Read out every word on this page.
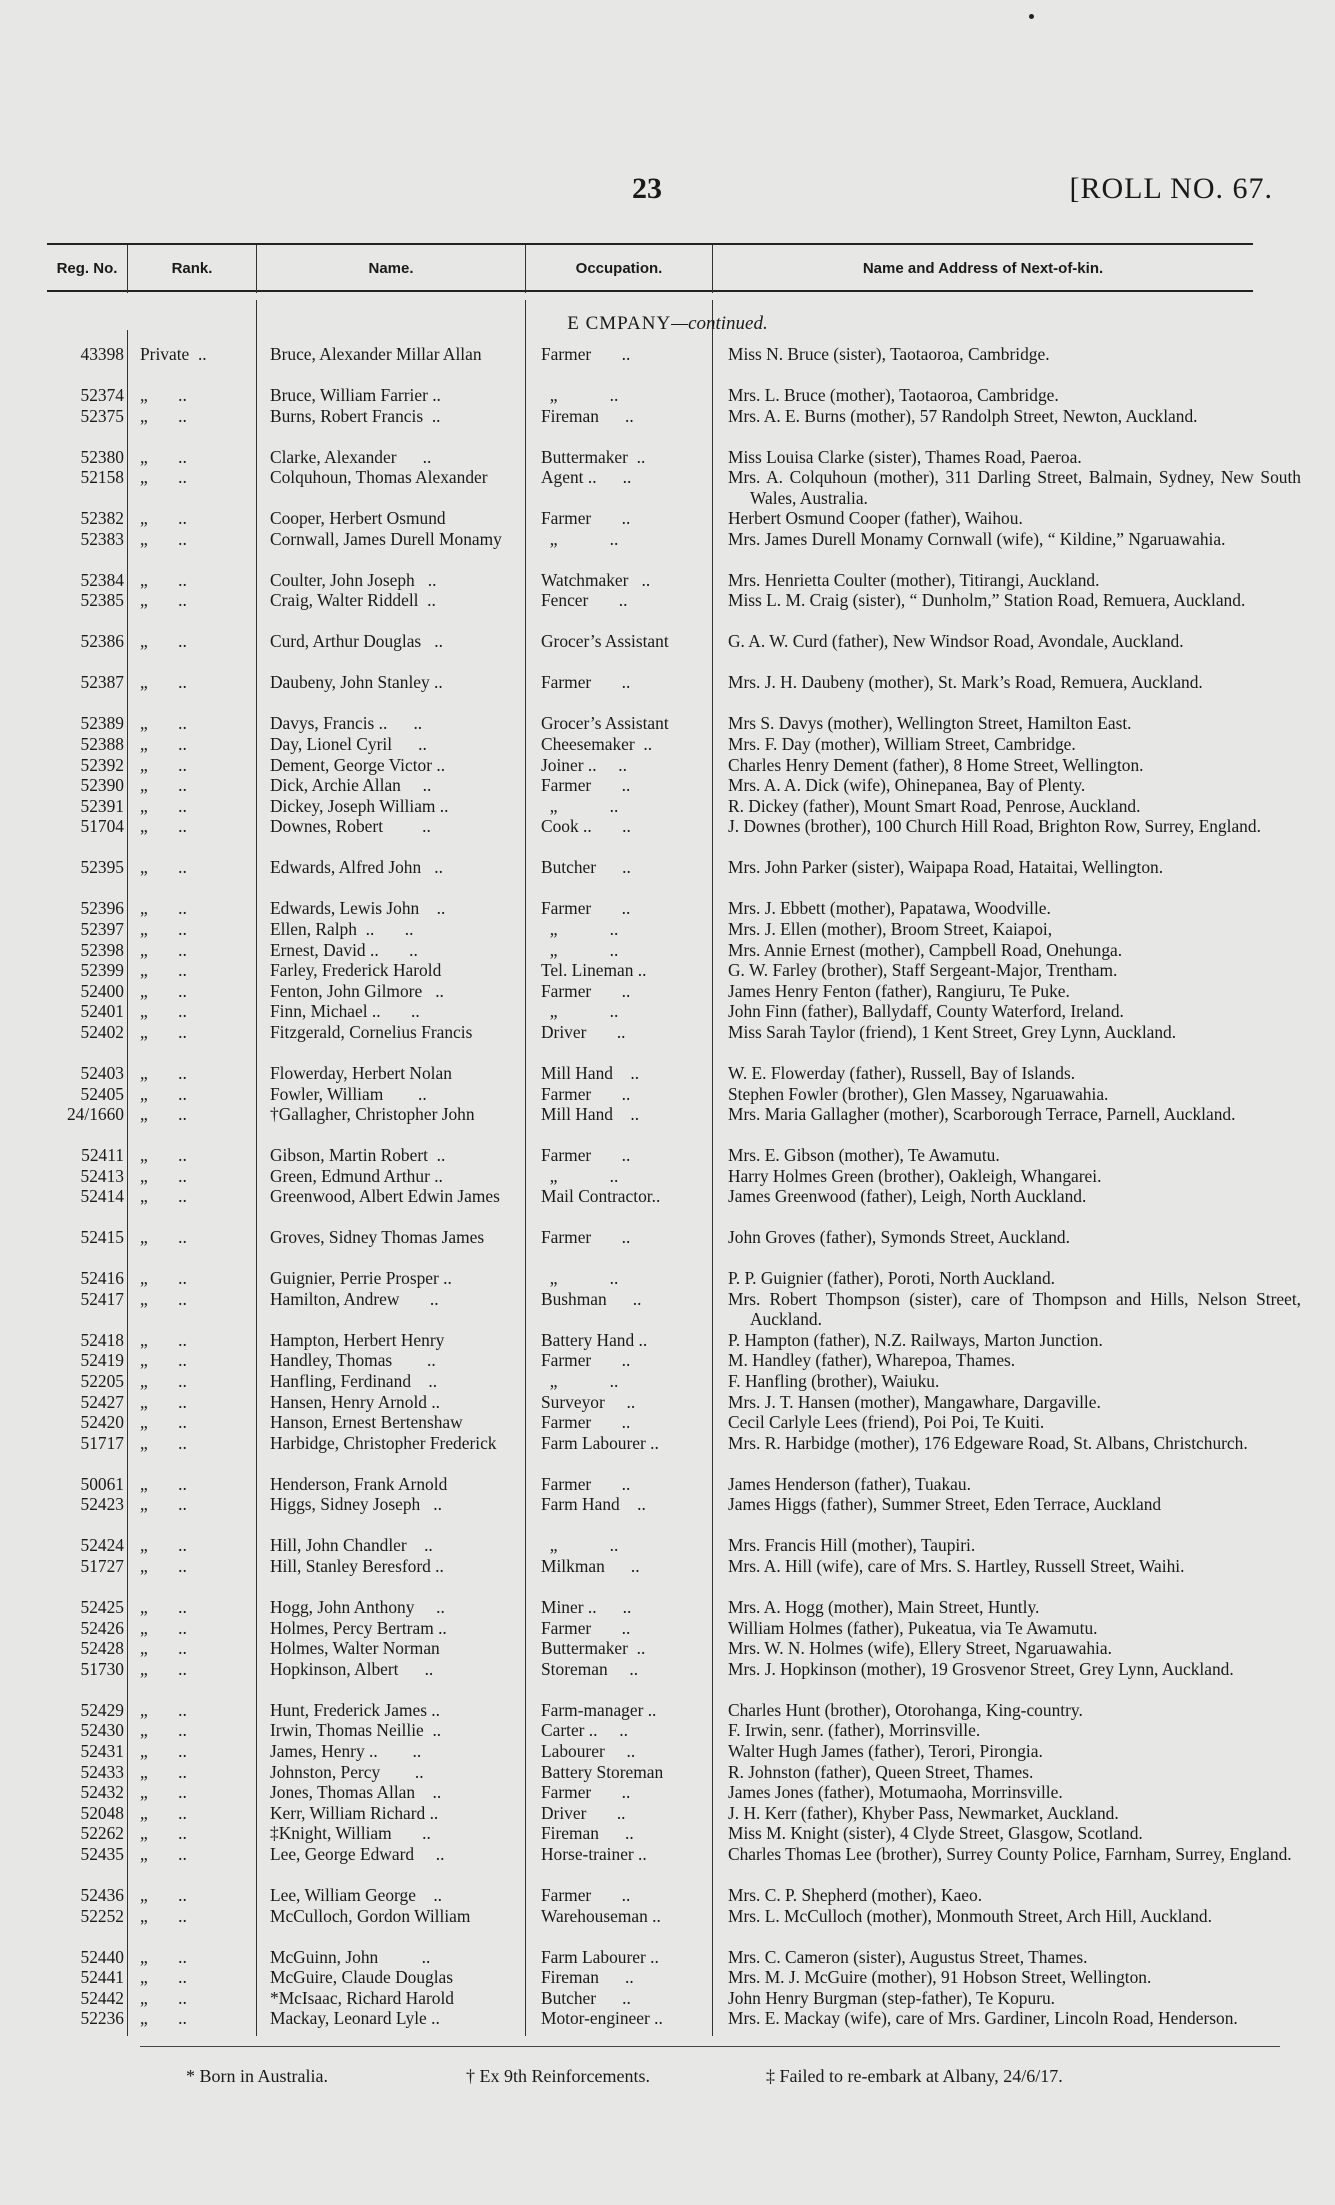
23	[ROLL NO. 67.
Reg. No.	Rank.	Name.	Occupation.	Name and Address of Next-of-kin.
E CMPANY—continued.
43398 Private  ..	Bruce, Alexander Millar Allan	Farmer       ..	Miss N. Bruce (sister), Taotaoroa, Cambridge.
52374 „       ..	Bruce, William Farrier ..	„            ..	Mrs. L. Bruce (mother), Taotaoroa, Cambridge.
52375 „       ..	Burns, Robert Francis  ..	Fireman      ..	Mrs. A. E. Burns (mother), 57 Randolph Street, Newton, Auckland.
52380 „       ..	Clarke, Alexander      ..	Buttermaker  ..	Miss Louisa Clarke (sister), Thames Road, Paeroa.
52158 „       ..	Colquhoun, Thomas Alexander	Agent ..      ..	Mrs. A. Colquhoun (mother), 311 Darling Street, Balmain, Sydney, New South Wales, Australia.
52382 „       ..	Cooper, Herbert Osmund	Farmer       ..	Herbert Osmund Cooper (father), Waihou.
52383 „       ..	Cornwall, James Durell Monamy	„            ..	Mrs. James Durell Monamy Cornwall (wife), “ Kildine,” Ngaruawahia.
52384 „       ..	Coulter, John Joseph   ..	Watchmaker   ..	Mrs. Henrietta Coulter (mother), Titirangi, Auckland.
52385 „       ..	Craig, Walter Riddell  ..	Fencer       ..	Miss L. M. Craig (sister), “ Dunholm,” Station Road, Remuera, Auckland.
52386 „       ..	Curd, Arthur Douglas   ..	Grocer’s Assistant	G. A. W. Curd (father), New Windsor Road, Avondale, Auckland.
52387 „       ..	Daubeny, John Stanley ..	Farmer       ..	Mrs. J. H. Daubeny (mother), St. Mark’s Road, Remuera, Auckland.
52389 „       ..	Davys, Francis ..      ..	Grocer’s Assistant	Mrs S. Davys (mother), Wellington Street, Hamilton East.
52388 „       ..	Day, Lionel Cyril      ..	Cheesemaker  ..	Mrs. F. Day (mother), William Street, Cambridge.
52392 „       ..	Dement, George Victor ..	Joiner ..     ..	Charles Henry Dement (father), 8 Home Street, Wellington.
52390 „       ..	Dick, Archie Allan     ..	Farmer       ..	Mrs. A. A. Dick (wife), Ohinepanea, Bay of Plenty.
52391 „       ..	Dickey, Joseph William ..	„            ..	R. Dickey (father), Mount Smart Road, Penrose, Auckland.
51704 „       ..	Downes, Robert         ..	Cook ..       ..	J. Downes (brother), 100 Church Hill Road, Brighton Row, Surrey, England.
52395 „       ..	Edwards, Alfred John   ..	Butcher      ..	Mrs. John Parker (sister), Waipapa Road, Hataitai, Wellington.
52396 „       ..	Edwards, Lewis John    ..	Farmer       ..	Mrs. J. Ebbett (mother), Papatawa, Woodville.
52397 „       ..	Ellen, Ralph  ..       ..	„            ..	Mrs. J. Ellen (mother), Broom Street, Kaiapoi,
52398 „       ..	Ernest, David ..       ..	„            ..	Mrs. Annie Ernest (mother), Campbell Road, Onehunga.
52399 „       ..	Farley, Frederick Harold	Tel. Lineman ..	G. W. Farley (brother), Staff Sergeant-Major, Trentham.
52400 „       ..	Fenton, John Gilmore   ..	Farmer       ..	James Henry Fenton (father), Rangiuru, Te Puke.
52401 „       ..	Finn, Michael ..       ..	„            ..	John Finn (father), Ballydaff, County Waterford, Ireland.
52402 „       ..	Fitzgerald, Cornelius Francis	Driver       ..	Miss Sarah Taylor (friend), 1 Kent Street, Grey Lynn, Auckland.
52403 „       ..	Flowerday, Herbert Nolan	Mill Hand    ..	W. E. Flowerday (father), Russell, Bay of Islands.
52405 „       ..	Fowler, William        ..	Farmer       ..	Stephen Fowler (brother), Glen Massey, Ngaruawahia.
24/1660 „       ..	†Gallagher, Christopher John	Mill Hand    ..	Mrs. Maria Gallagher (mother), Scarborough Terrace, Parnell, Auckland.
52411 „       ..	Gibson, Martin Robert  ..	Farmer       ..	Mrs. E. Gibson (mother), Te Awamutu.
52413 „       ..	Green, Edmund Arthur ..	„            ..	Harry Holmes Green (brother), Oakleigh, Whangarei.
52414 „       ..	Greenwood, Albert Edwin James	Mail Contractor..	James Greenwood (father), Leigh, North Auckland.
52415 „       ..	Groves, Sidney Thomas James	Farmer       ..	John Groves (father), Symonds Street, Auckland.
52416 „       ..	Guignier, Perrie Prosper ..	„            ..	P. P. Guignier (father), Poroti, North Auckland.
52417 „       ..	Hamilton, Andrew       ..	Bushman      ..	Mrs. Robert Thompson (sister), care of Thompson and Hills, Nelson Street, Auckland.
52418 „       ..	Hampton, Herbert Henry	Battery Hand ..	P. Hampton (father), N.Z. Railways, Marton Junction.
52419 „       ..	Handley, Thomas        ..	Farmer       ..	M. Handley (father), Wharepoa, Thames.
52205 „       ..	Hanfling, Ferdinand    ..	„            ..	F. Hanfling (brother), Waiuku.
52427 „       ..	Hansen, Henry Arnold ..	Surveyor     ..	Mrs. J. T. Hansen (mother), Mangawhare, Dargaville.
52420 „       ..	Hanson, Ernest Bertenshaw	Farmer       ..	Cecil Carlyle Lees (friend), Poi Poi, Te Kuiti.
51717 „       ..	Harbidge, Christopher Frederick	Farm Labourer ..	Mrs. R. Harbidge (mother), 176 Edgeware Road, St. Albans, Christchurch.
50061 „       ..	Henderson, Frank Arnold	Farmer       ..	James Henderson (father), Tuakau.
52423 „       ..	Higgs, Sidney Joseph   ..	Farm Hand    ..	James Higgs (father), Summer Street, Eden Terrace, Auckland
52424 „       ..	Hill, John Chandler    ..	„            ..	Mrs. Francis Hill (mother), Taupiri.
51727 „       ..	Hill, Stanley Beresford ..	Milkman      ..	Mrs. A. Hill (wife), care of Mrs. S. Hartley, Russell Street, Waihi.
52425 „       ..	Hogg, John Anthony     ..	Miner ..      ..	Mrs. A. Hogg (mother), Main Street, Huntly.
52426 „       ..	Holmes, Percy Bertram ..	Farmer       ..	William Holmes (father), Pukeatua, via Te Awamutu.
52428 „       ..	Holmes, Walter Norman	Buttermaker  ..	Mrs. W. N. Holmes (wife), Ellery Street, Ngaruawahia.
51730 „       ..	Hopkinson, Albert      ..	Storeman     ..	Mrs. J. Hopkinson (mother), 19 Grosvenor Street, Grey Lynn, Auckland.
52429 „       ..	Hunt, Frederick James ..	Farm-manager ..	Charles Hunt (brother), Otorohanga, King-country.
52430 „       ..	Irwin, Thomas Neillie  ..	Carter ..     ..	F. Irwin, senr. (father), Morrinsville.
52431 „       ..	James, Henry ..        ..	Labourer     ..	Walter Hugh James (father), Terori, Pirongia.
52433 „       ..	Johnston, Percy        ..	Battery Storeman	R. Johnston (father), Queen Street, Thames.
52432 „       ..	Jones, Thomas Allan    ..	Farmer       ..	James Jones (father), Motumaoha, Morrinsville.
52048 „       ..	Kerr, William Richard ..	Driver       ..	J. H. Kerr (father), Khyber Pass, Newmarket, Auckland.
52262 „       ..	‡Knight, William       ..	Fireman      ..	Miss M. Knight (sister), 4 Clyde Street, Glasgow, Scotland.
52435 „       ..	Lee, George Edward     ..	Horse-trainer ..	Charles Thomas Lee (brother), Surrey County Police, Farnham, Surrey, England.
52436 „       ..	Lee, William George    ..	Farmer       ..	Mrs. C. P. Shepherd (mother), Kaeo.
52252 „       ..	McCulloch, Gordon William	Warehouseman ..	Mrs. L. McCulloch (mother), Monmouth Street, Arch Hill, Auckland.
52440 „       ..	McGuinn, John          ..	Farm Labourer ..	Mrs. C. Cameron (sister), Augustus Street, Thames.
52441 „       ..	McGuire, Claude Douglas	Fireman      ..	Mrs. M. J. McGuire (mother), 91 Hobson Street, Wellington.
52442 „       ..	*McIsaac, Richard Harold	Butcher      ..	John Henry Burgman (step-father), Te Kopuru.
52236 „       ..	Mackay, Leonard Lyle ..	Motor-engineer ..	Mrs. E. Mackay (wife), care of Mrs. Gardiner, Lincoln Road, Henderson.
* Born in Australia.	† Ex 9th Reinforcements.	‡ Failed to re-embark at Albany, 24/6/17.
